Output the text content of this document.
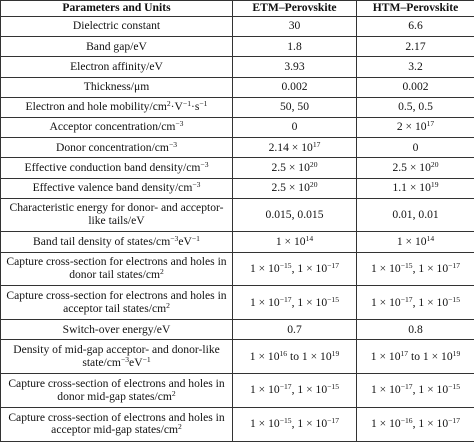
Parameters and Units	ETM–Perovskite	HTM–Perovskite
Dielectric constant	30	6.6
Band gap/eV	1.8	2.17
Electron affinity/eV	3.93	3.2
Thickness/μm	0.002	0.002
Electron and hole mobility/$cm^2\cdot V^{-1}\cdot s^{-1}$	50, 50	0.5, 0.5
Acceptor concentration/$cm^{-3}$	0	$2 \times 10^{17}$
Donor concentration/$cm^{-3}$	$2.14 \times 10^{17}$	0
Effective conduction band density/$cm^{-3}$	$2.5 \times 10^{20}$	$2.5 \times 10^{20}$
Effective valence band density/$cm^{-3}$	$2.5 \times 10^{20}$	$1.1 \times 10^{19}$
Characteristic energy for donor- and acceptor-like tails/eV	0.015, 0.015	0.01, 0.01
Band tail density of states/$cm^{-3}eV^{-1}$	$1 \times 10^{14}$	$1 \times 10^{14}$
Capture cross-section for electrons and holes in donor tail states/$cm^2$	$1 \times 10^{-15}$, $1 \times 10^{-17}$	$1 \times 10^{-15}$, $1 \times 10^{-17}$
Capture cross-section for electrons and holes in acceptor tail states/$cm^2$	$1 \times 10^{-17}$, $1 \times 10^{-15}$	$1 \times 10^{-17}$, $1 \times 10^{-15}$
Switch-over energy/eV	0.7	0.8
Density of mid-gap acceptor- and donor-like state/$cm^{-3}eV^{-1}$	$1 \times 10^{16}$ to $1 \times 10^{19}$	$1 \times 10^{17}$ to $1 \times 10^{19}$
Capture cross-section of electrons and holes in donor mid-gap states/$cm^2$	$1 \times 10^{-17}$, $1 \times 10^{-15}$	$1 \times 10^{-17}$, $1 \times 10^{-15}$
Capture cross-section of electrons and holes in acceptor mid-gap states/$cm^2$	$1 \times 10^{-15}$, $1 \times 10^{-17}$	$1 \times 10^{-16}$, $1 \times 10^{-17}$
